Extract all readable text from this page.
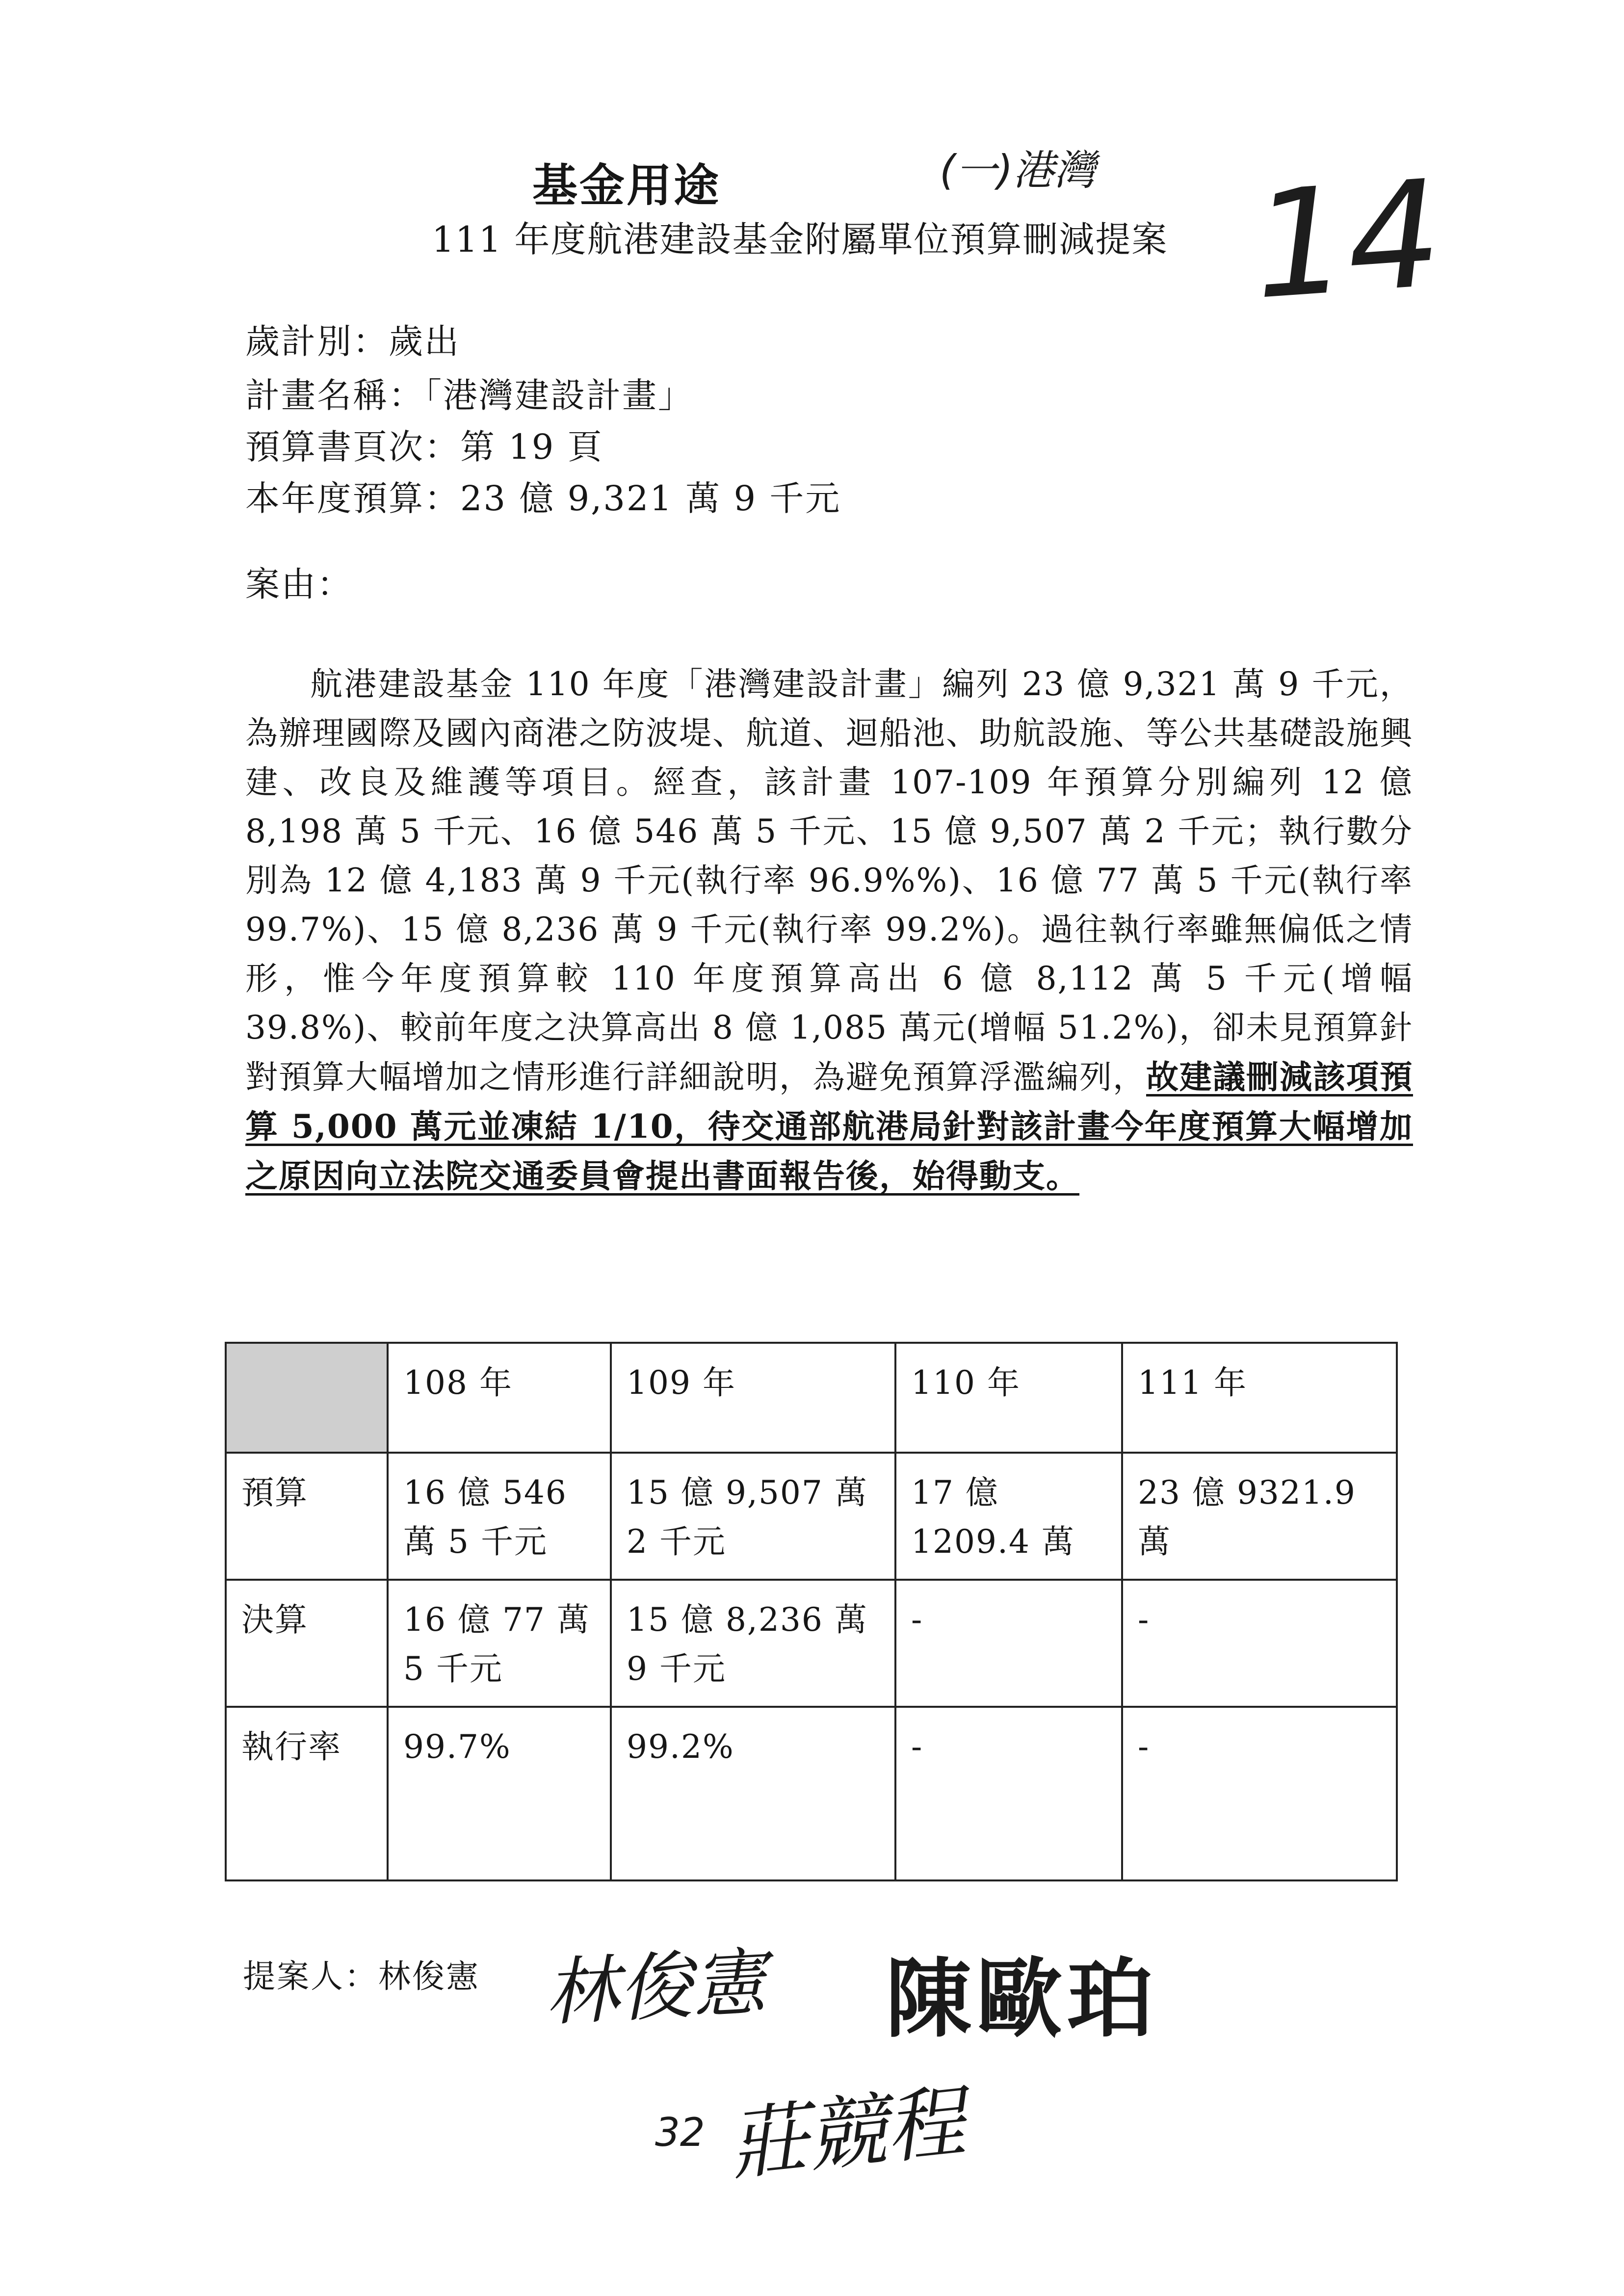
基金用途	(一)港灣 14
111 年度航港建設基金附屬單位預算刪減提案
歲計別：歲出
計畫名稱：「港灣建設計畫」
預算書頁次：第 19 頁
本年度預算：23 億 9,321 萬 9 千元
案由：
航港建設基金 110 年度「港灣建設計畫」編列 23 億 9,321 萬 9 千元，為辦理國際及國內商港之防波堤、航道、迴船池、助航設施、等公共基礎設施興建、改良及維護等項目。經查，該計畫 107-109 年預算分別編列 12 億 8,198 萬 5 千元、16 億 546 萬 5 千元、15 億 9,507 萬 2 千元；執行數分別為 12 億 4,183 萬 9 千元(執行率 96.9%%)、16 億 77 萬 5 千元(執行率 99.7%)、15 億 8,236 萬 9 千元(執行率 99.2%)。過往執行率雖無偏低之情形，惟今年度預算較 110 年度預算高出 6 億 8,112 萬 5 千元(增幅 39.8%)、較前年度之決算高出 8 億 1,085 萬元(增幅 51.2%)，卻未見預算針對預算大幅增加之情形進行詳細說明，為避免預算浮濫編列，故建議刪減該項預算 5,000 萬元並凍結 1/10，待交通部航港局針對該計畫今年度預算大幅增加之原因向立法院交通委員會提出書面報告後，始得動支。
	108 年	109 年	110 年	111 年
預算	16 億 546 萬 5 千元	15 億 9,507 萬 2 千元	17 億 1209.4 萬	23 億 9321.9 萬
決算	16 億 77 萬 5 千元	15 億 8,236 萬 9 千元	-	-
執行率	99.7%	99.2%	-	-
提案人：林俊憲 林俊憲 陳歐珀
32 莊競程
